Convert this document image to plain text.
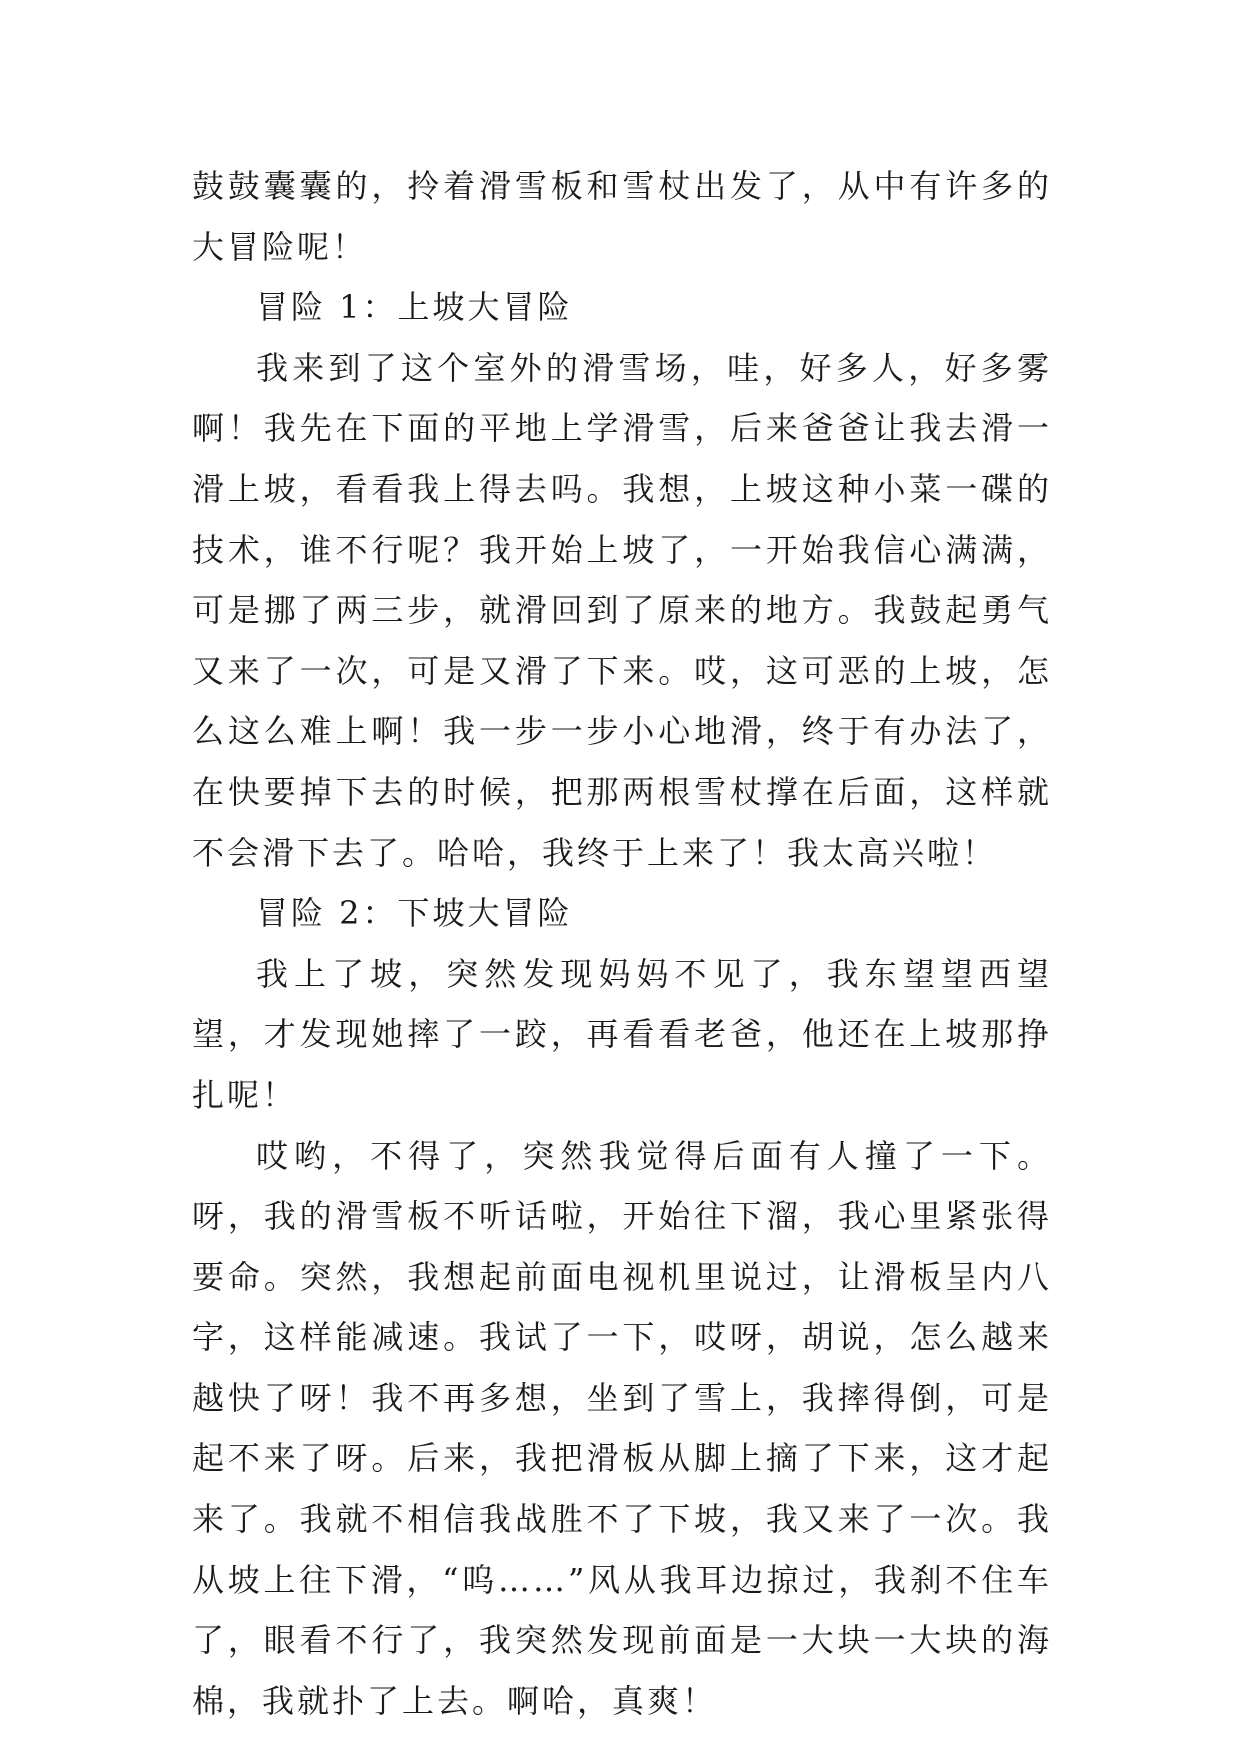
鼓鼓囊囊的，拎着滑雪板和雪杖出发了，从中有许多的大冒险呢！

冒险 1：上坡大冒险

我来到了这个室外的滑雪场，哇，好多人，好多雾啊！我先在下面的平地上学滑雪，后来爸爸让我去滑一滑上坡，看看我上得去吗。我想，上坡这种小菜一碟的技术，谁不行呢？我开始上坡了，一开始我信心满满，可是挪了两三步，就滑回到了原来的地方。我鼓起勇气又来了一次，可是又滑了下来。哎，这可恶的上坡，怎么这么难上啊！我一步一步小心地滑，终于有办法了，在快要掉下去的时候，把那两根雪杖撑在后面，这样就不会滑下去了。哈哈，我终于上来了！我太高兴啦！

冒险 2：下坡大冒险

我上了坡，突然发现妈妈不见了，我东望望西望望，才发现她摔了一跤，再看看老爸，他还在上坡那挣扎呢！

哎哟，不得了，突然我觉得后面有人撞了一下。呀，我的滑雪板不听话啦，开始往下溜，我心里紧张得要命。突然，我想起前面电视机里说过，让滑板呈内八字，这样能减速。我试了一下，哎呀，胡说，怎么越来越快了呀！我不再多想，坐到了雪上，我摔得倒，可是起不来了呀。后来，我把滑板从脚上摘了下来，这才起来了。我就不相信我战胜不了下坡，我又来了一次。我从坡上往下滑，“呜……”风从我耳边掠过，我刹不住车了，眼看不行了，我突然发现前面是一大块一大块的海棉，我就扑了上去。啊哈，真爽！
